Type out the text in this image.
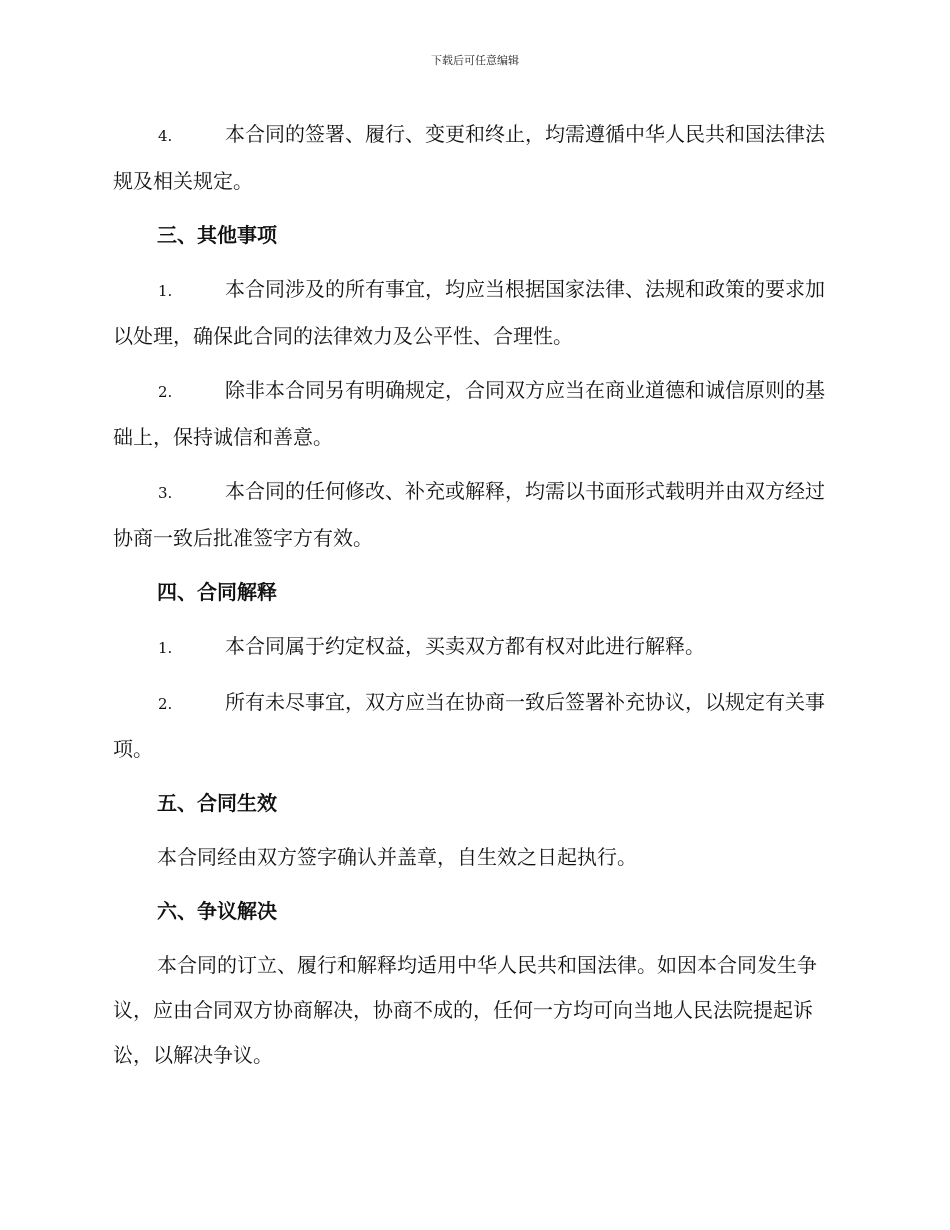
下载后可任意编辑

4.	本合同的签署、履行、变更和终止，均需遵循中华人民共和国法律法规及相关规定。

三、其他事项

1.	本合同涉及的所有事宜，均应当根据国家法律、法规和政策的要求加以处理，确保此合同的法律效力及公平性、合理性。

2.	除非本合同另有明确规定，合同双方应当在商业道德和诚信原则的基础上，保持诚信和善意。

3.	本合同的任何修改、补充或解释，均需以书面形式载明并由双方经过协商一致后批准签字方有效。

四、合同解释

1.	本合同属于约定权益，买卖双方都有权对此进行解释。

2.	所有未尽事宜，双方应当在协商一致后签署补充协议，以规定有关事项。

五、合同生效

本合同经由双方签字确认并盖章，自生效之日起执行。

六、争议解决

本合同的订立、履行和解释均适用中华人民共和国法律。如因本合同发生争议，应由合同双方协商解决，协商不成的，任何一方均可向当地人民法院提起诉讼，以解决争议。
